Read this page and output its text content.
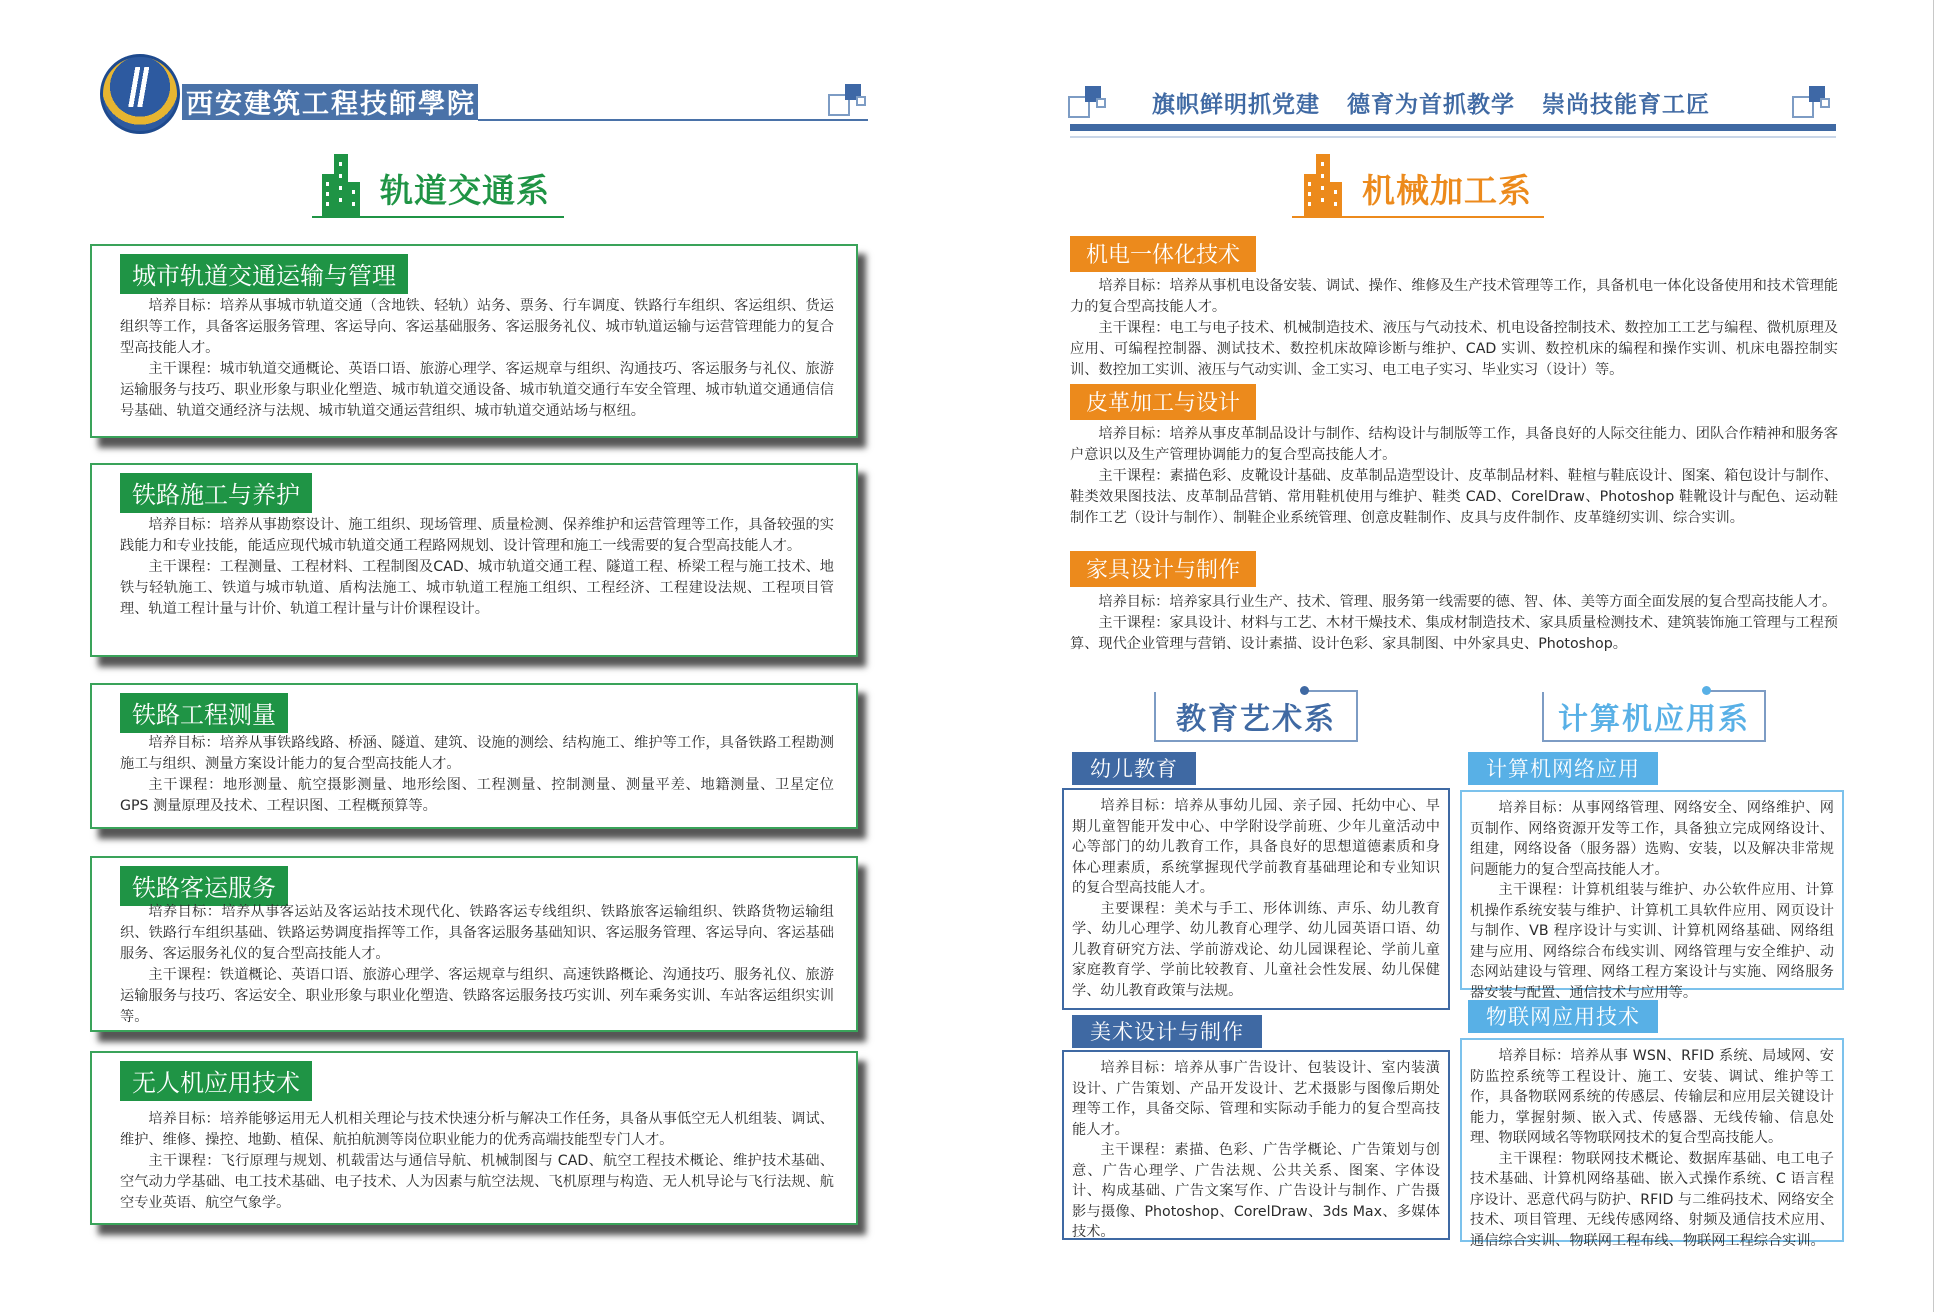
西安建筑工程技師學院
轨道交通系
城市轨道交通运输与管理

培养目标：培养从事城市轨道交通（含地铁、轻轨）站务、票务、行车调度、铁路行车组织、客运组织、货运组织等工作，具备客运服务管理、客运导向、客运基础服务、客运服务礼仪、城市轨道运输与运营管理能力的复合型高技能人才。

主干课程：城市轨道交通概论、英语口语、旅游心理学、客运规章与组织、沟通技巧、客运服务与礼仪、旅游运输服务与技巧、职业形象与职业化塑造、城市轨道交通设备、城市轨道交通行车安全管理、城市轨道交通通信信号基础、轨道交通经济与法规、城市轨道交通运营组织、城市轨道交通站场与枢纽。

铁路施工与养护

培养目标：培养从事勘察设计、施工组织、现场管理、质量检测、保养维护和运营管理等工作，具备较强的实践能力和专业技能，能适应现代城市轨道交通工程路网规划、设计管理和施工一线需要的复合型高技能人才。

主干课程：工程测量、工程材料、工程制图及CAD、城市轨道交通工程、隧道工程、桥梁工程与施工技术、地铁与轻轨施工、铁道与城市轨道、盾构法施工、城市轨道工程施工组织、工程经济、工程建设法规、工程项目管理、轨道工程计量与计价、轨道工程计量与计价课程设计。

铁路工程测量

培养目标：培养从事铁路线路、桥涵、隧道、建筑、设施的测绘、结构施工、维护等工作，具备铁路工程勘测施工与组织、测量方案设计能力的复合型高技能人才。

主干课程：地形测量、航空摄影测量、地形绘图、工程测量、控制测量、测量平差、地籍测量、卫星定位 GPS 测量原理及技术、工程识图、工程概预算等。

铁路客运服务

培养目标：培养从事客运站及客运站技术现代化、铁路客运专线组织、铁路旅客运输组织、铁路货物运输组织、铁路行车组织基础、铁路运势调度指挥等工作，具备客运服务基础知识、客运服务管理、客运导向、客运基础服务、客运服务礼仪的复合型高技能人才。

主干课程：铁道概论、英语口语、旅游心理学、客运规章与组织、高速铁路概论、沟通技巧、服务礼仪、旅游运输服务与技巧、客运安全、职业形象与职业化塑造、铁路客运服务技巧实训、列车乘务实训、车站客运组织实训等。

无人机应用技术

培养目标：培养能够运用无人机相关理论与技术快速分析与解决工作任务，具备从事低空无人机组装、调试、维护、维修、操控、地勤、植保、航拍航测等岗位职业能力的优秀高端技能型专门人才。

主干课程：飞行原理与规划、机载雷达与通信导航、机械制图与 CAD、航空工程技术概论、维护技术基础、空气动力学基础、电工技术基础、电子技术、人为因素与航空法规、飞机原理与构造、无人机导论与飞行法规、航空专业英语、航空气象学。

旗帜鲜明抓党建 德育为首抓教学 崇尚技能育工匠
机械加工系
机电一体化技术

培养目标：培养从事机电设备安装、调试、操作、维修及生产技术管理等工作，具备机电一体化设备使用和技术管理能力的复合型高技能人才。

主干课程：电工与电子技术、机械制造技术、液压与气动技术、机电设备控制技术、数控加工工艺与编程、微机原理及应用、可编程控制器、测试技术、数控机床故障诊断与维护、CAD 实训、数控机床的编程和操作实训、机床电器控制实训、数控加工实训、液压与气动实训、金工实习、电工电子实习、毕业实习（设计）等。

皮革加工与设计

培养目标：培养从事皮革制品设计与制作、结构设计与制版等工作，具备良好的人际交往能力、团队合作精神和服务客户意识以及生产管理协调能力的复合型高技能人才。

主干课程：素描色彩、皮靴设计基础、皮革制品造型设计、皮革制品材料、鞋楦与鞋底设计、图案、箱包设计与制作、鞋类效果图技法、皮革制品营销、常用鞋机使用与维护、鞋类 CAD、CorelDraw、Photoshop 鞋靴设计与配色、运动鞋制作工艺（设计与制作）、制鞋企业系统管理、创意皮鞋制作、皮具与皮件制作、皮革缝纫实训、综合实训。

家具设计与制作

培养目标：培养家具行业生产、技术、管理、服务第一线需要的德、智、体、美等方面全面发展的复合型高技能人才。

主干课程：家具设计、材料与工艺、木材干燥技术、集成材制造技术、家具质量检测技术、建筑装饰施工管理与工程预算、现代企业管理与营销、设计素描、设计色彩、家具制图、中外家具史、Photoshop。

教育艺术系
幼儿教育

培养目标：培养从事幼儿园、亲子园、托幼中心、早期儿童智能开发中心、中学附设学前班、少年儿童活动中心等部门的幼儿教育工作，具备良好的思想道德素质和身体心理素质，系统掌握现代学前教育基础理论和专业知识的复合型高技能人才。

主要课程：美术与手工、形体训练、声乐、幼儿教育学、幼儿心理学、幼儿教育心理学、幼儿园英语口语、幼儿教育研究方法、学前游戏论、幼儿园课程论、学前儿童家庭教育学、学前比较教育、儿童社会性发展、幼儿保健学、幼儿教育政策与法规。

美术设计与制作

培养目标：培养从事广告设计、包装设计、室内装潢设计、广告策划、产品开发设计、艺术摄影与图像后期处理等工作，具备交际、管理和实际动手能力的复合型高技能人才。

主干课程：素描、色彩、广告学概论、广告策划与创意、广告心理学、广告法规、公共关系、图案、字体设计、构成基础、广告文案写作、广告设计与制作、广告摄影与摄像、Photoshop、CorelDraw、3ds Max、多媒体技术。

计算机应用系
计算机网络应用

培养目标：从事网络管理、网络安全、网络维护、网页制作、网络资源开发等工作，具备独立完成网络设计、组建，网络设备（服务器）选购、安装，以及解决非常规问题能力的复合型高技能人才。

主干课程：计算机组装与维护、办公软件应用、计算机操作系统安装与维护、计算机工具软件应用、网页设计与制作、VB 程序设计与实训、计算机网络基础、网络组建与应用、网络综合布线实训、网络管理与安全维护、动态网站建设与管理、网络工程方案设计与实施、网络服务器安装与配置、通信技术与应用等。

物联网应用技术

培养目标：培养从事 WSN、RFID 系统、局域网、安防监控系统等工程设计、施工、安装、调试、维护等工作，具备物联网系统的传感层、传输层和应用层关键设计能力，掌握射频、嵌入式、传感器、无线传输、信息处理、物联网域名等物联网技术的复合型高技能人。

主干课程：物联网技术概论、数据库基础、电工电子技术基础、计算机网络基础、嵌入式操作系统、C 语言程序设计、恶意代码与防护、RFID 与二维码技术、网络安全技术、项目管理、无线传感网络、射频及通信技术应用、通信综合实训、物联网工程布线、物联网工程综合实训。
